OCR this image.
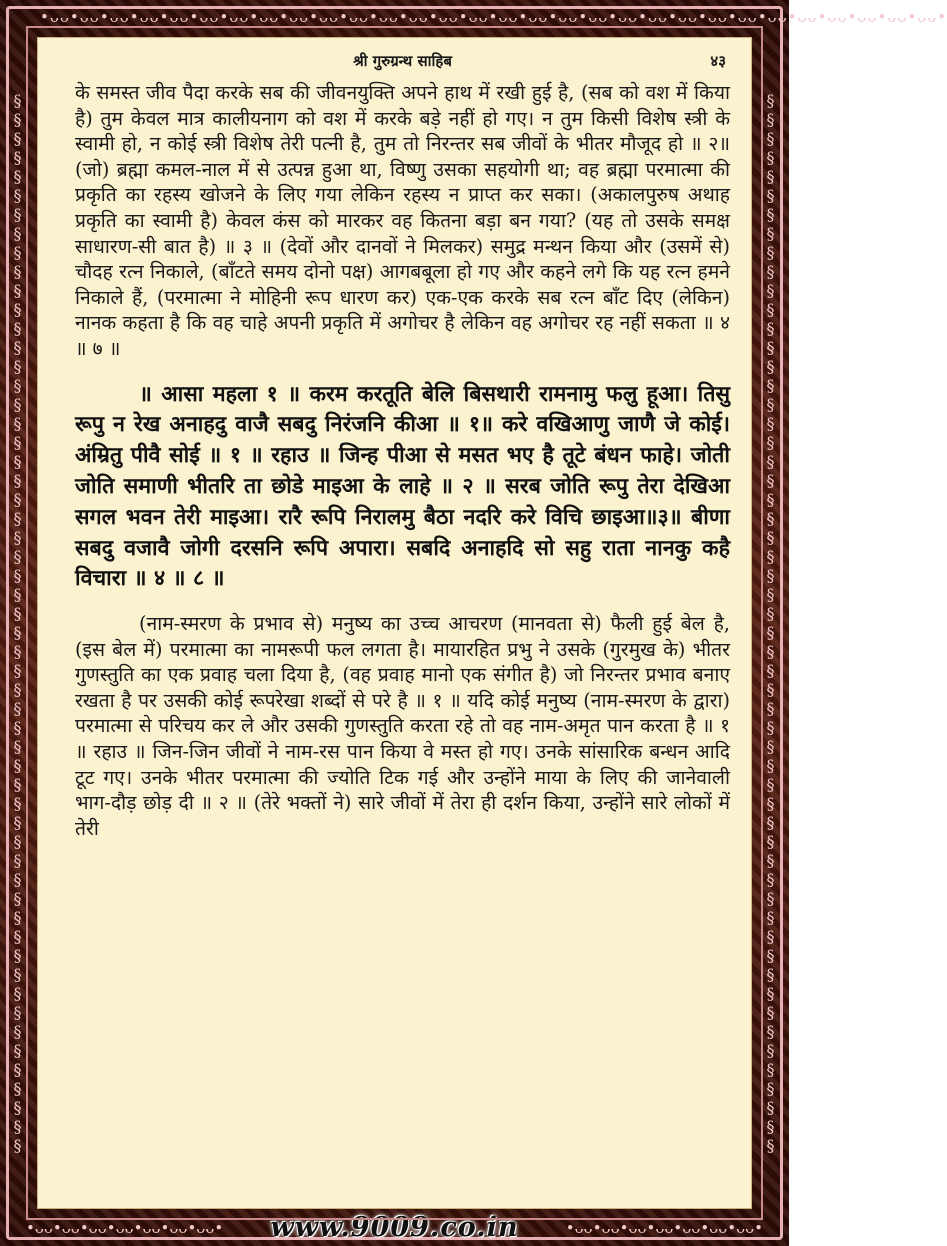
•ᴗᴗ•ᴗᴗ•ᴗᴗ•ᴗᴗ•ᴗᴗ•ᴗᴗ•ᴗᴗ•ᴗᴗ•ᴗᴗ•ᴗᴗ•ᴗᴗ•ᴗᴗ•ᴗᴗ•ᴗᴗ•ᴗᴗ•ᴗᴗ•ᴗᴗ•ᴗᴗ•ᴗᴗ•ᴗᴗ•ᴗᴗ•ᴗᴗ•ᴗᴗ•ᴗᴗ•ᴗᴗ•ᴗᴗ•ᴗᴗ•ᴗᴗ•ᴗᴗ•ᴗᴗ•
§§§§§§§§§§§§§§§§§§§§§§§§§§§§§§§§§§§§§§§§§§§§§§§§§§§§§§§§	§§§§§§§§§§§§§§§§§§§§§§§§§§§§§§§§§§§§§§§§§§§§§§§§§§§§§§§§
•ᴗᴗ•ᴗᴗ•ᴗᴗ•ᴗᴗ•ᴗᴗ•ᴗᴗ•ᴗᴗ•	•ᴗᴗ•ᴗᴗ•ᴗᴗ•ᴗᴗ•ᴗᴗ•ᴗᴗ•ᴗᴗ•
श्री गुरुग्रन्थ साहिब	४३

के समस्त जीव पैदा करके सब की जीवनयुक्ति अपने हाथ में रखी हुई है, (सब को वश में किया है) तुम केवल मात्र कालीयनाग को वश में करके बड़े नहीं हो गए। न तुम किसी विशेष स्त्री के स्वामी हो, न कोई स्त्री विशेष तेरी पत्नी है, तुम तो निरन्तर सब जीवों के भीतर मौजूद हो ॥ २॥ (जो) ब्रह्मा कमल-नाल में से उत्पन्न हुआ था, विष्णु उसका सहयोगी था; वह ब्रह्मा परमात्मा की प्रकृति का रहस्य खोजने के लिए गया लेकिन रहस्य न प्राप्त कर सका। (अकालपुरुष अथाह प्रकृति का स्वामी है) केवल कंस को मारकर वह कितना बड़ा बन गया? (यह तो उसके समक्ष साधारण-सी बात है) ॥ ३ ॥ (देवों और दानवों ने मिलकर) समुद्र मन्थन किया और (उसमें से) चौदह रत्न निकाले, (बाँटते समय दोनो पक्ष) आगबबूला हो गए और कहने लगे कि यह रत्न हमने निकाले हैं, (परमात्मा ने मोहिनी रूप धारण कर) एक-एक करके सब रत्न बाँट दिए (लेकिन) नानक कहता है कि वह चाहे अपनी प्रकृति में अगोचर है लेकिन वह अगोचर रह नहीं सकता ॥ ४ ॥ ७ ॥

॥ आसा महला १ ॥ करम करतूति बेलि बिसथारी रामनामु फलु हूआ। तिसु रूपु न रेख अनाहदु वाजै सबदु निरंजनि कीआ ॥ १॥ करे वखिआणु जाणै जे कोई। अंम्रितु पीवै सोई ॥ १ ॥ रहाउ ॥ जिन्ह पीआ से मसत भए है तूटे बंधन फाहे। जोती जोति समाणी भीतरि ता छोडे माइआ के लाहे ॥ २ ॥ सरब जोति रूपु तेरा देखिआ सगल भवन तेरी माइआ। रारै रूपि निरालमु बैठा नदरि करे विचि छाइआ॥३॥ बीणा सबदु वजावै जोगी दरसनि रूपि अपारा। सबदि अनाहदि सो सहु राता नानकु कहै विचारा ॥ ४ ॥ ८ ॥

(नाम-स्मरण के प्रभाव से) मनुष्य का उच्च आचरण (मानवता से) फैली हुई बेल है, (इस बेल में) परमात्मा का नामरूपी फल लगता है। मायारहित प्रभु ने उसके (गुरमुख के) भीतर गुणस्तुति का एक प्रवाह चला दिया है, (वह प्रवाह मानो एक संगीत है) जो निरन्तर प्रभाव बनाए रखता है पर उसकी कोई रूपरेखा शब्दों से परे है ॥ १ ॥ यदि कोई मनुष्य (नाम-स्मरण के द्वारा) परमात्मा से परिचय कर ले और उसकी गुणस्तुति करता रहे तो वह नाम-अमृत पान करता है ॥ १ ॥ रहाउ ॥ जिन-जिन जीवों ने नाम-रस पान किया वे मस्त हो गए। उनके सांसारिक बन्धन आदि टूट गए। उनके भीतर परमात्मा की ज्योति टिक गई और उन्होंने माया के लिए की जानेवाली भाग-दौड़ छोड़ दी ॥ २ ॥ (तेरे भक्तों ने) सारे जीवों में तेरा ही दर्शन किया, उन्होंने सारे लोकों में तेरी

www.9009.co.in
